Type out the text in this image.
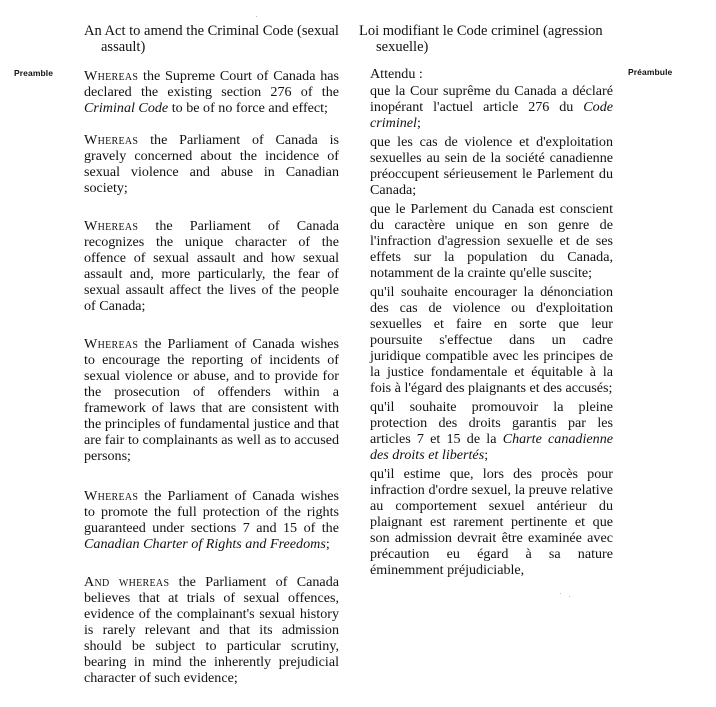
An Act to amend the Criminal Code (sexual
assault)
Loi modifiant le Code criminel (agression
sexuelle)
Preamble	Préambule

Whereas the Supreme Court of Canada has declared the existing section 276 of the Criminal Code to be of no force and effect;

Whereas the Parliament of Canada is gravely concerned about the incidence of sexual violence and abuse in Canadian society;

Whereas the Parliament of Canada recognizes the unique character of the offence of sexual assault and how sexual assault and, more particularly, the fear of sexual assault affect the lives of the people of Canada;

Whereas the Parliament of Canada wishes to encourage the reporting of incidents of sexual violence or abuse, and to provide for the prosecution of offenders within a framework of laws that are consistent with the principles of fundamental justice and that are fair to complainants as well as to accused persons;

Whereas the Parliament of Canada wishes to promote the full protection of the rights guaranteed under sections 7 and 15 of the Canadian Charter of Rights and Freedoms;

And whereas the Parliament of Canada believes that at trials of sexual offences, evidence of the complainant's sexual history is rarely relevant and that its admission should be subject to particular scrutiny, bearing in mind the inherently prejudicial character of such evidence;

Attendu :

que la Cour suprême du Canada a déclaré inopérant l'actuel article 276 du Code criminel;

que les cas de violence et d'exploitation sexuelles au sein de la société canadienne préoccupent sérieusement le Parlement du Canada;

que le Parlement du Canada est conscient du caractère unique en son genre de l'infraction d'agression sexuelle et de ses effets sur la population du Canada, notamment de la crainte qu'elle suscite;

qu'il souhaite encourager la dénonciation des cas de violence ou d'exploitation sexuelles et faire en sorte que leur poursuite s'effectue dans un cadre juridique compatible avec les principes de la justice fondamentale et équitable à la fois à l'égard des plaignants et des accusés;

qu'il souhaite promouvoir la pleine protection des droits garantis par les articles 7 et 15 de la Charte canadienne des droits et libertés;

qu'il estime que, lors des procès pour infraction d'ordre sexuel, la preuve relative au comportement sexuel antérieur du plaignant est rarement pertinente et que son admission devrait être examinée avec précaution eu égard à sa nature éminemment préjudiciable,
